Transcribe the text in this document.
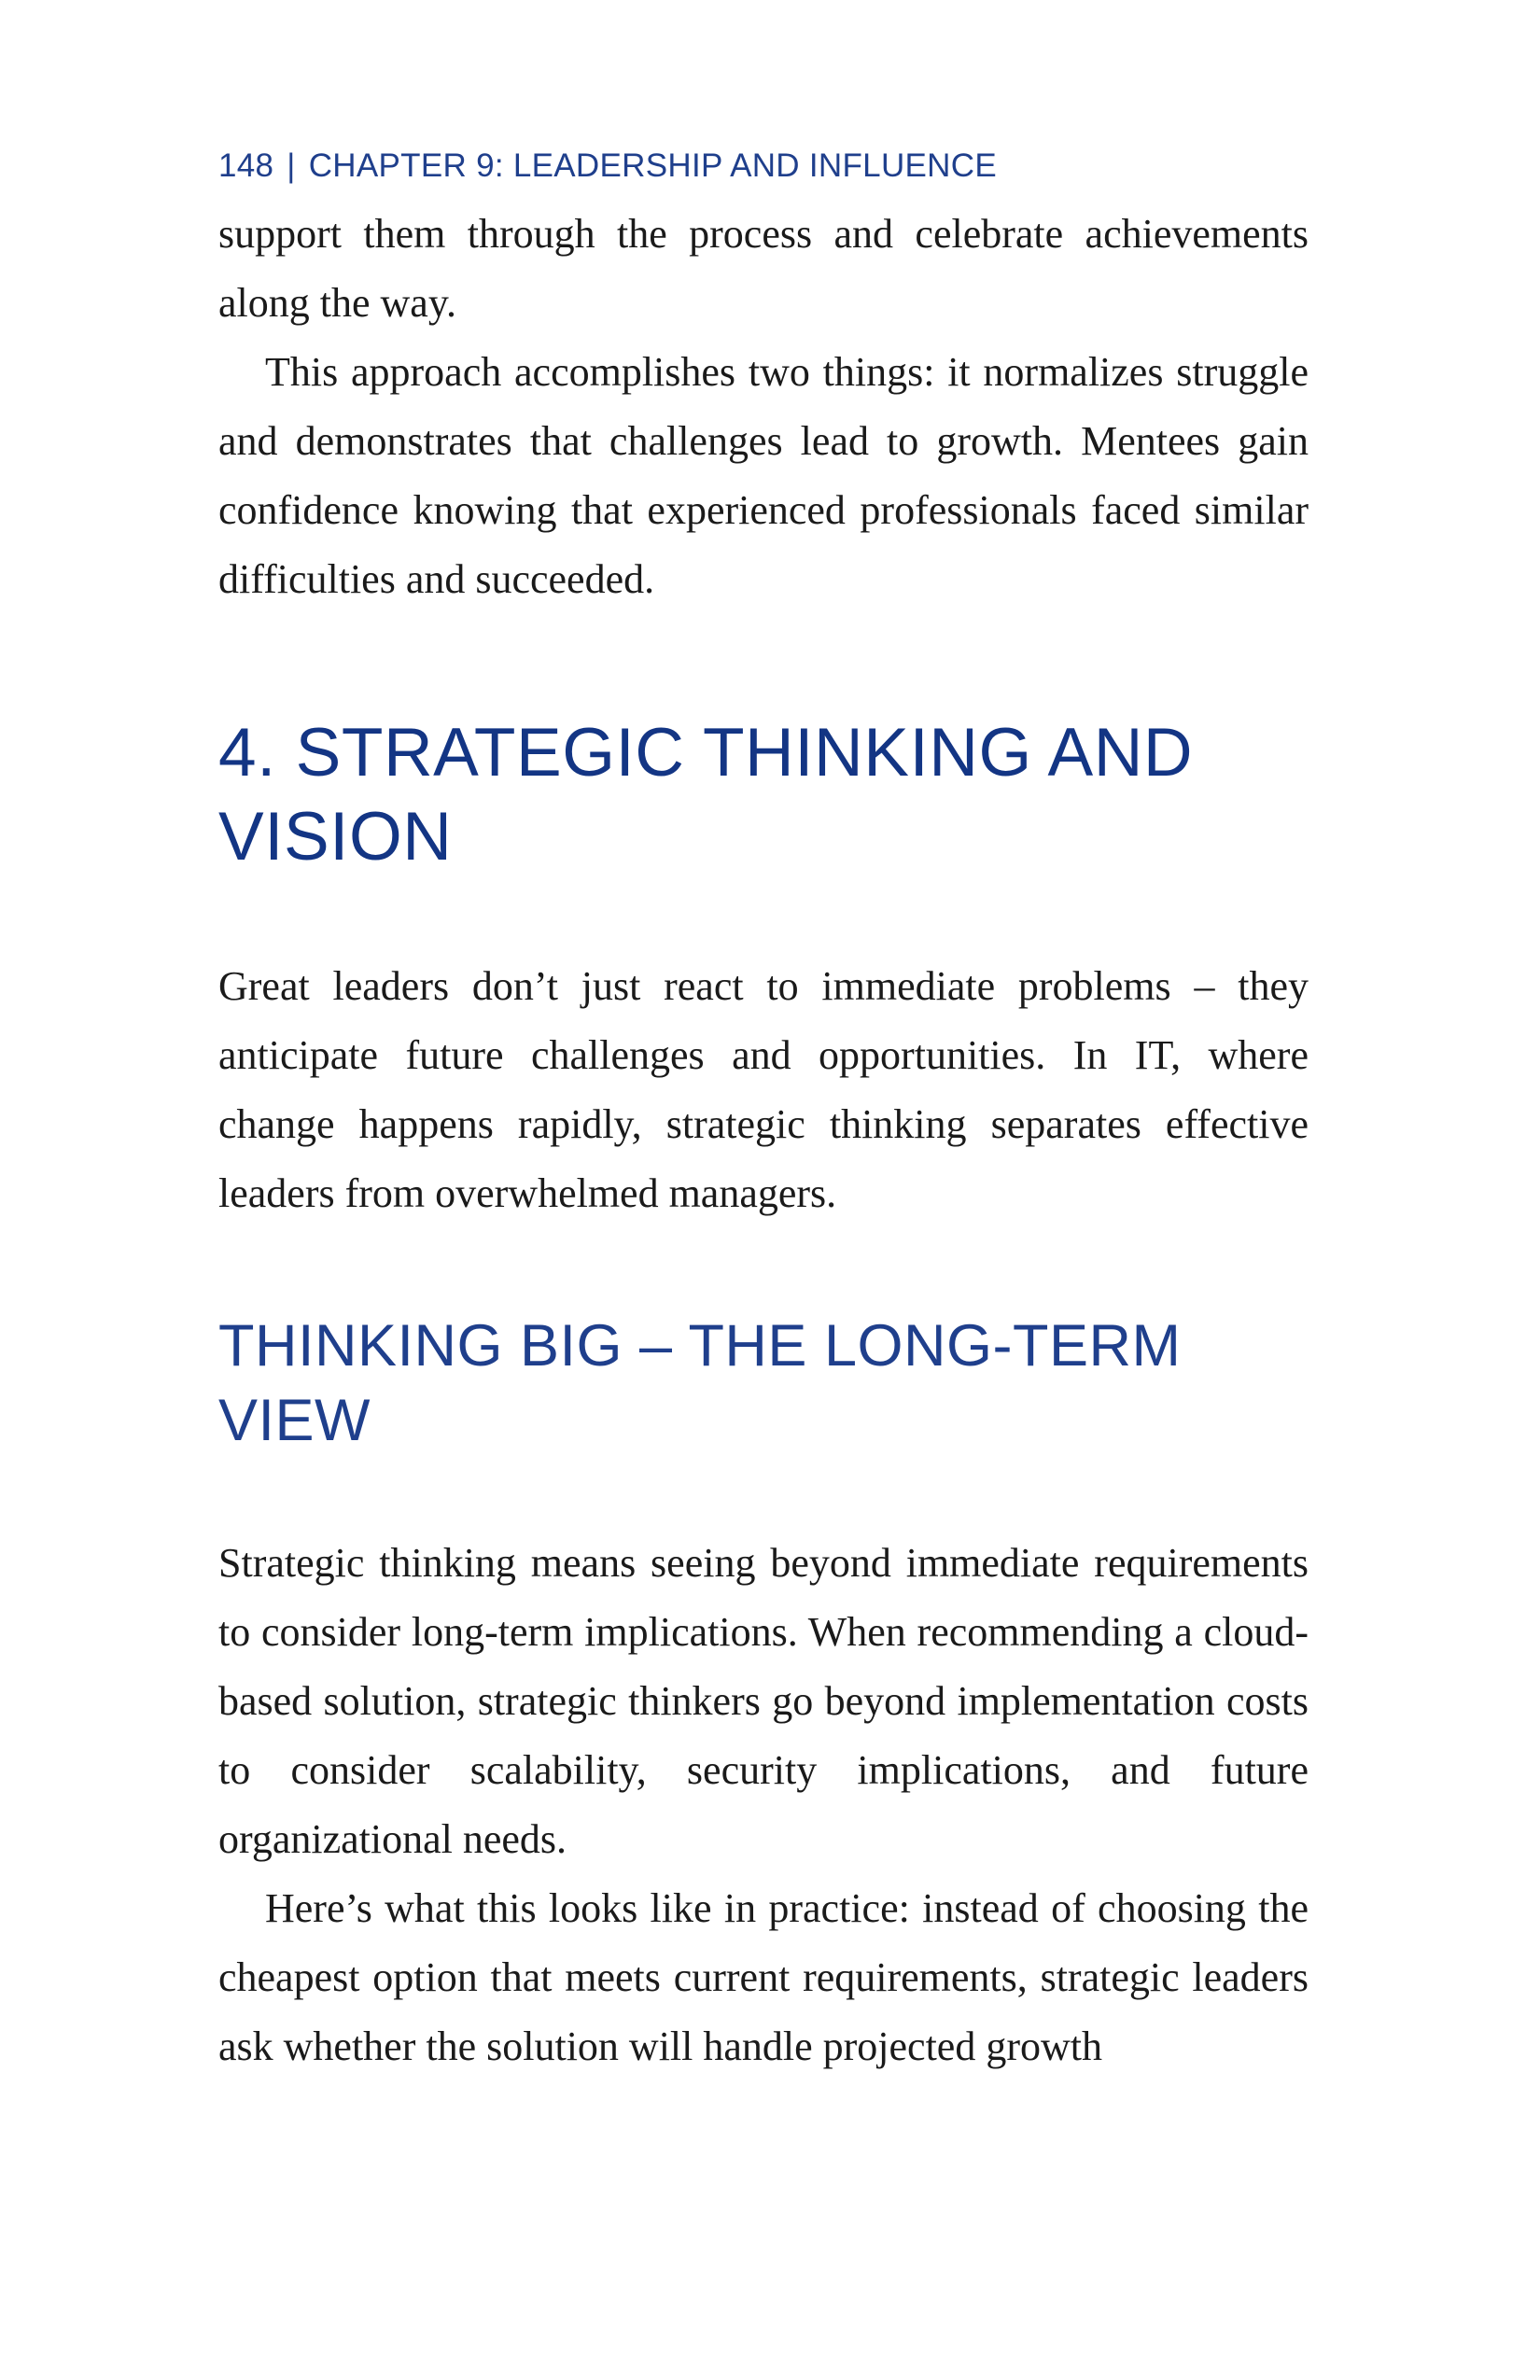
148 | CHAPTER 9: LEADERSHIP AND INFLUENCE

support them through the process and celebrate achievements along the way.

This approach accomplishes two things: it normalizes struggle and demonstrates that challenges lead to growth. Mentees gain confidence knowing that experienced professionals faced similar difficulties and succeeded.

4. STRATEGIC THINKING AND VISION

Great leaders don’t just react to immediate problems – they anticipate future challenges and opportunities. In IT, where change happens rapidly, strategic thinking separates effective leaders from overwhelmed managers.

THINKING BIG – THE LONG-TERM VIEW

Strategic thinking means seeing beyond immediate requirements to consider long-term implications. When recommending a cloud-based solution, strategic thinkers go beyond implementation costs to consider scalability, security implications, and future organizational needs.

Here’s what this looks like in practice: instead of choosing the cheapest option that meets current requirements, strategic leaders ask whether the solution will handle projected growth
